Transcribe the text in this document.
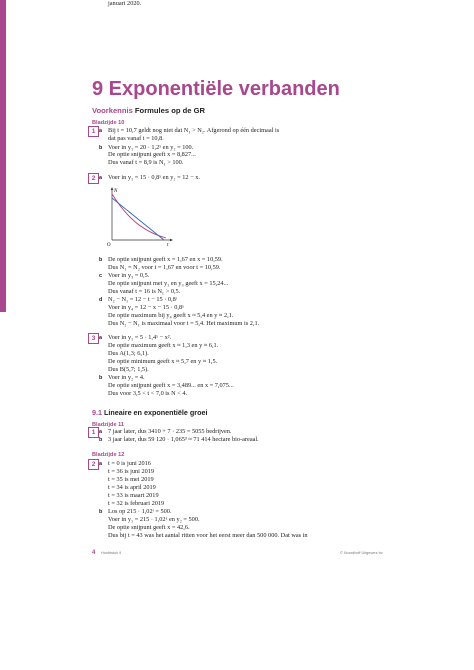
9 Exponentiële verbanden
Voorkennis Formules op de GR
Bladzijde 10
1 a Bij t = 10,7 geldt nog niet dat N₁ > N₂. Afgerond op één decimaal is
dat pas vanaf t = 10,8.
b Voer in y₁ = 20 · 1,2ˣ en y₂ = 100.
De optie snijpunt geeft x = 8,827...
Dus vanaf t = 8,9 is N₁ > 100.
2 a Voer in y₁ = 15 · 0,8ˣ en y₂ = 12 − x.
b De optie snijpunt geeft x = 1,67 en x = 10,59.
Dus N₁ = N₂ voor t = 1,67 en voor t = 10,59.
c Voer in y₃ = 0,5.
De optie snijpunt met y₁ en y₃ geeft x = 15,24...
Dus vanaf t = 16 is N₁ > 0,5.
d N₂ − N₁ = 12 − t − 15 · 0,8ᵗ
Voer in y₄ = 12 − x − 15 · 0,8ˣ
De optie maximum bij y₄ geeft x ≈ 5,4 en y ≈ 2,1.
Dus N₂ − N₁ is maximaal voor t = 5,4. Het maximum is 2,1.
3 a Voer in y₁ = 5 · 1,4ˣ − x².
De optie maximum geeft x ≈ 1,3 en y ≈ 6,1.
Dus A(1,3; 6,1).
De optie minimum geeft x ≈ 5,7 en y ≈ 1,5.
Dus B(5,7; 1,5).
b Voer in y₂ = 4.
De optie snijpunt geeft x = 3,489... en x = 7,075...
Dus voor 3,5 < t < 7,0 is N < 4.
9.1 Lineaire en exponentiële groei
Bladzijde 11
1 a 7 jaar later, dus 3410 + 7 · 235 = 5055 bedrijven.
b 3 jaar later, dus 59 120 · 1,065³ ≈ 71 414 hectare bio-areaal.
Bladzijde 12
2 a t = 0 is juni 2016
t = 36 is juni 2019
t = 35 is mei 2019
t = 34 is april 2019
t = 33 is maart 2019
t = 32 is februari 2019
b Los op 215 · 1,02ᵗ = 500.
Voer in y₁ = 215 · 1,02ˣ en y₂ = 500.
De optie snijpunt geeft x = 42,6.
Dus bij t = 43 was het aantal ritten voor het eerst meer dan 500 000. Dat was in
januari 2020.
N
t
O
4 Hoofdstuk 9	© Noordhoff Uitgevers bv
